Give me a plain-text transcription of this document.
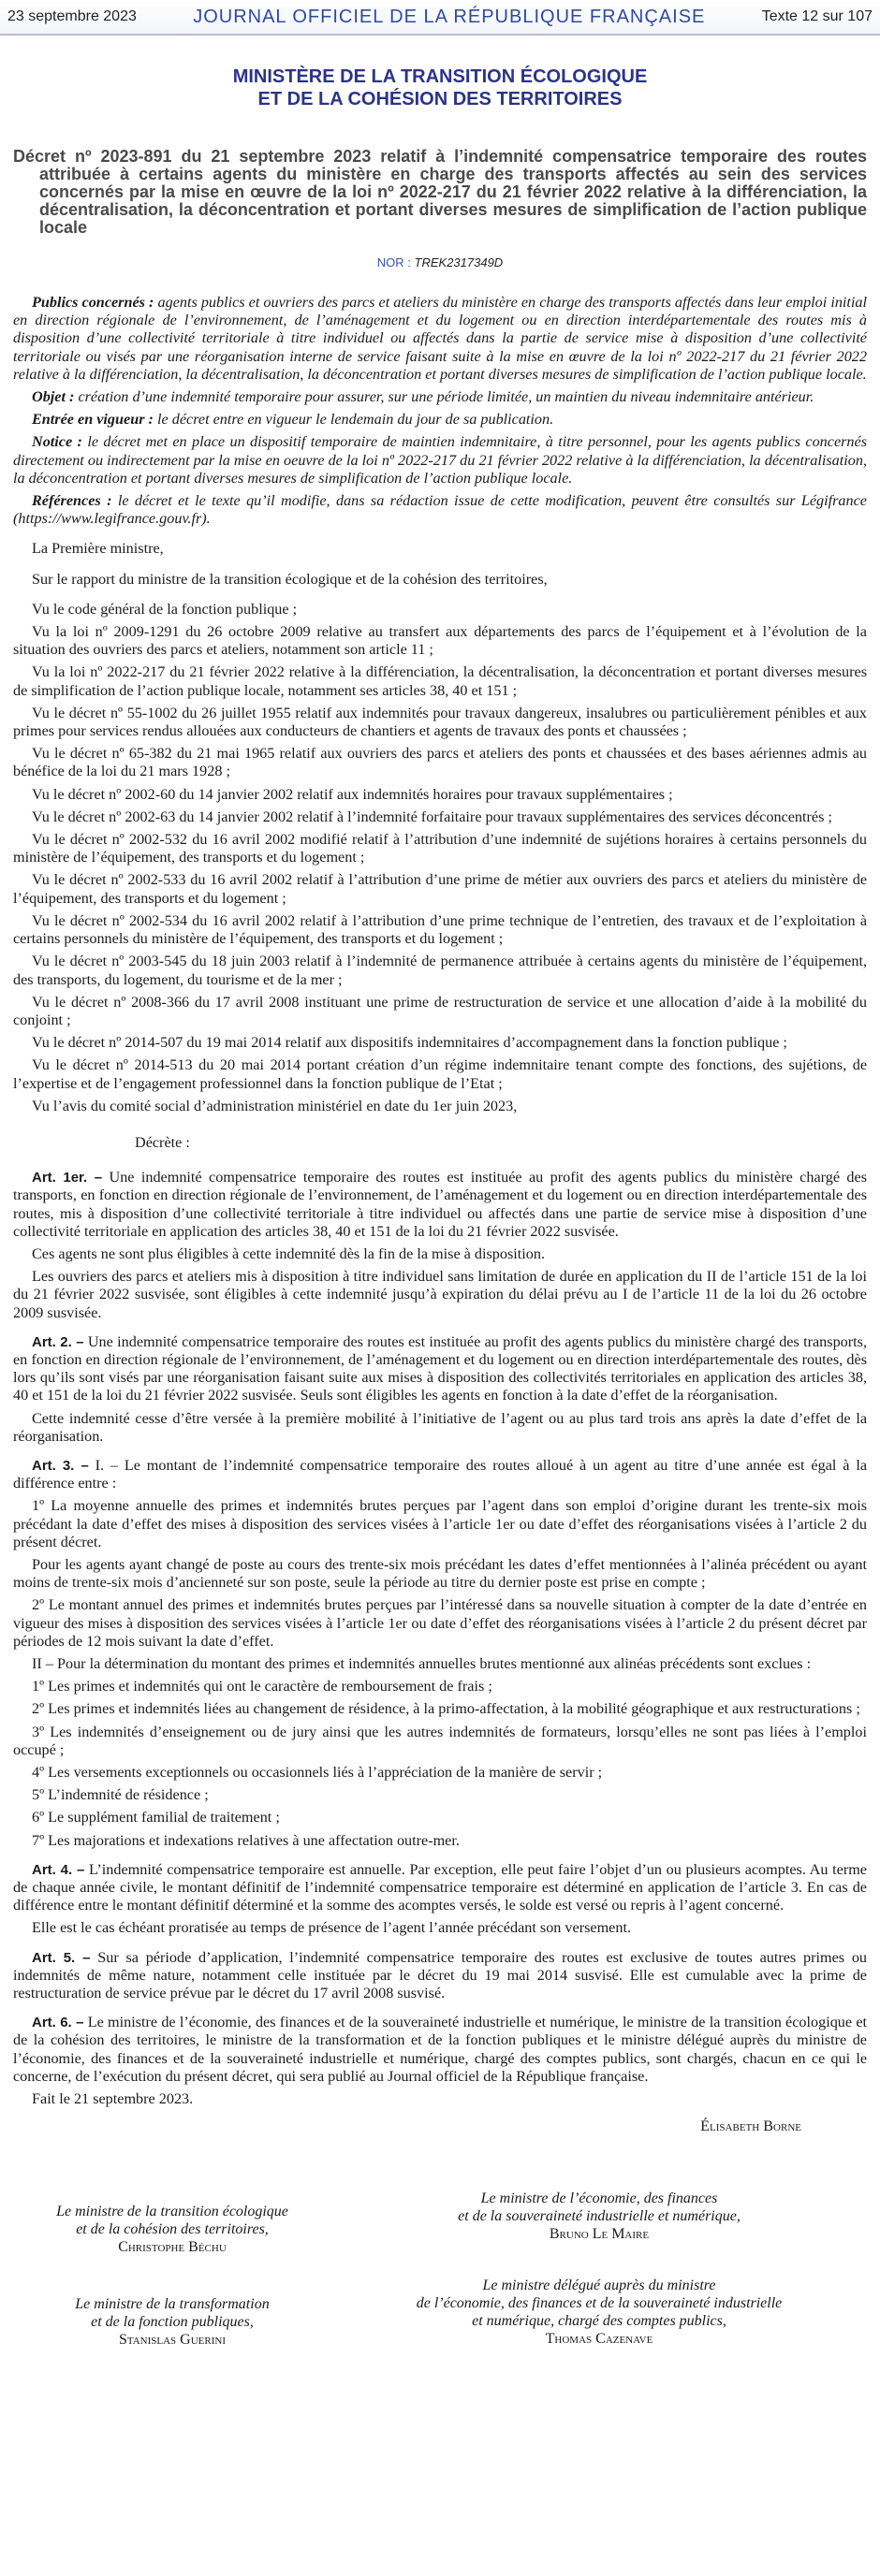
23 septembre 2023	JOURNAL OFFICIEL DE LA RÉPUBLIQUE FRANÇAISE	Texte 12 sur 107
MINISTÈRE DE LA TRANSITION ÉCOLOGIQUE
ET DE LA COHÉSION DES TERRITOIRES
Décret nº 2023-891 du 21 septembre 2023 relatif à l’indemnité compensatrice temporaire des routes attribuée à certains agents du ministère en charge des transports affectés au sein des services concernés par la mise en œuvre de la loi nº 2022-217 du 21 février 2022 relative à la différenciation, la décentralisation, la déconcentration et portant diverses mesures de simplification de l’action publique locale
NOR : TREK2317349D

Publics concernés : agents publics et ouvriers des parcs et ateliers du ministère en charge des transports affectés dans leur emploi initial en direction régionale de l’environnement, de l’aménagement et du logement ou en direction interdépartementale des routes mis à disposition d’une collectivité territoriale à titre individuel ou affectés dans la partie de service mise à disposition d’une collectivité territoriale ou visés par une réorganisation interne de service faisant suite à la mise en œuvre de la loi nº 2022-217 du 21 février 2022 relative à la différenciation, la décentralisation, la déconcentration et portant diverses mesures de simplification de l’action publique locale.

Objet : création d’une indemnité temporaire pour assurer, sur une période limitée, un maintien du niveau indemnitaire antérieur.

Entrée en vigueur : le décret entre en vigueur le lendemain du jour de sa publication.

Notice : le décret met en place un dispositif temporaire de maintien indemnitaire, à titre personnel, pour les agents publics concernés directement ou indirectement par la mise en oeuvre de la loi nº 2022-217 du 21 février 2022 relative à la différenciation, la décentralisation, la déconcentration et portant diverses mesures de simplification de l’action publique locale.

Références : le décret et le texte qu’il modifie, dans sa rédaction issue de cette modification, peuvent être consultés sur Légifrance (https://www.legifrance.gouv.fr).

La Première ministre,

Sur le rapport du ministre de la transition écologique et de la cohésion des territoires,

Vu le code général de la fonction publique ;

Vu la loi nº 2009-1291 du 26 octobre 2009 relative au transfert aux départements des parcs de l’équipement et à l’évolution de la situation des ouvriers des parcs et ateliers, notamment son article 11 ;

Vu la loi nº 2022-217 du 21 février 2022 relative à la différenciation, la décentralisation, la déconcentration et portant diverses mesures de simplification de l’action publique locale, notamment ses articles 38, 40 et 151 ;

Vu le décret nº 55-1002 du 26 juillet 1955 relatif aux indemnités pour travaux dangereux, insalubres ou particulièrement pénibles et aux primes pour services rendus allouées aux conducteurs de chantiers et agents de travaux des ponts et chaussées ;

Vu le décret nº 65-382 du 21 mai 1965 relatif aux ouvriers des parcs et ateliers des ponts et chaussées et des bases aériennes admis au bénéfice de la loi du 21 mars 1928 ;

Vu le décret nº 2002-60 du 14 janvier 2002 relatif aux indemnités horaires pour travaux supplémentaires ;

Vu le décret nº 2002-63 du 14 janvier 2002 relatif à l’indemnité forfaitaire pour travaux supplémentaires des services déconcentrés ;

Vu le décret nº 2002-532 du 16 avril 2002 modifié relatif à l’attribution d’une indemnité de sujétions horaires à certains personnels du ministère de l’équipement, des transports et du logement ;

Vu le décret nº 2002-533 du 16 avril 2002 relatif à l’attribution d’une prime de métier aux ouvriers des parcs et ateliers du ministère de l’équipement, des transports et du logement ;

Vu le décret nº 2002-534 du 16 avril 2002 relatif à l’attribution d’une prime technique de l’entretien, des travaux et de l’exploitation à certains personnels du ministère de l’équipement, des transports et du logement ;

Vu le décret nº 2003-545 du 18 juin 2003 relatif à l’indemnité de permanence attribuée à certains agents du ministère de l’équipement, des transports, du logement, du tourisme et de la mer ;

Vu le décret nº 2008-366 du 17 avril 2008 instituant une prime de restructuration de service et une allocation d’aide à la mobilité du conjoint ;

Vu le décret nº 2014-507 du 19 mai 2014 relatif aux dispositifs indemnitaires d’accompagnement dans la fonction publique ;

Vu le décret nº 2014-513 du 20 mai 2014 portant création d’un régime indemnitaire tenant compte des fonctions, des sujétions, de l’expertise et de l’engagement professionnel dans la fonction publique de l’Etat ;

Vu l’avis du comité social d’administration ministériel en date du 1er juin 2023,

Décrète :

Art. 1er. – Une indemnité compensatrice temporaire des routes est instituée au profit des agents publics du ministère chargé des transports, en fonction en direction régionale de l’environnement, de l’aménagement et du logement ou en direction interdépartementale des routes, mis à disposition d’une collectivité territoriale à titre individuel ou affectés dans une partie de service mise à disposition d’une collectivité territoriale en application des articles 38, 40 et 151 de la loi du 21 février 2022 susvisée.

Ces agents ne sont plus éligibles à cette indemnité dès la fin de la mise à disposition.

Les ouvriers des parcs et ateliers mis à disposition à titre individuel sans limitation de durée en application du II de l’article 151 de la loi du 21 février 2022 susvisée, sont éligibles à cette indemnité jusqu’à expiration du délai prévu au I de l’article 11 de la loi du 26 octobre 2009 susvisée.

Art. 2. – Une indemnité compensatrice temporaire des routes est instituée au profit des agents publics du ministère chargé des transports, en fonction en direction régionale de l’environnement, de l’aménagement et du logement ou en direction interdépartementale des routes, dès lors qu’ils sont visés par une réorganisation faisant suite aux mises à disposition des collectivités territoriales en application des articles 38, 40 et 151 de la loi du 21 février 2022 susvisée. Seuls sont éligibles les agents en fonction à la date d’effet de la réorganisation.

Cette indemnité cesse d’être versée à la première mobilité à l’initiative de l’agent ou au plus tard trois ans après la date d’effet de la réorganisation.

Art. 3. – I. – Le montant de l’indemnité compensatrice temporaire des routes alloué à un agent au titre d’une année est égal à la différence entre :

1º La moyenne annuelle des primes et indemnités brutes perçues par l’agent dans son emploi d’origine durant les trente-six mois précédant la date d’effet des mises à disposition des services visées à l’article 1er ou date d’effet des réorganisations visées à l’article 2 du présent décret.

Pour les agents ayant changé de poste au cours des trente-six mois précédant les dates d’effet mentionnées à l’alinéa précédent ou ayant moins de trente-six mois d’ancienneté sur son poste, seule la période au titre du dernier poste est prise en compte ;

2º Le montant annuel des primes et indemnités brutes perçues par l’intéressé dans sa nouvelle situation à compter de la date d’entrée en vigueur des mises à disposition des services visées à l’article 1er ou date d’effet des réorganisations visées à l’article 2 du présent décret par périodes de 12 mois suivant la date d’effet.

II – Pour la détermination du montant des primes et indemnités annuelles brutes mentionné aux alinéas précédents sont exclues :

1º Les primes et indemnités qui ont le caractère de remboursement de frais ;

2º Les primes et indemnités liées au changement de résidence, à la primo-affectation, à la mobilité géographique et aux restructurations ;

3º Les indemnités d’enseignement ou de jury ainsi que les autres indemnités de formateurs, lorsqu’elles ne sont pas liées à l’emploi occupé ;

4º Les versements exceptionnels ou occasionnels liés à l’appréciation de la manière de servir ;

5º L’indemnité de résidence ;

6º Le supplément familial de traitement ;

7º Les majorations et indexations relatives à une affectation outre-mer.

Art. 4. – L’indemnité compensatrice temporaire est annuelle. Par exception, elle peut faire l’objet d’un ou plusieurs acomptes. Au terme de chaque année civile, le montant définitif de l’indemnité compensatrice temporaire est déterminé en application de l’article 3. En cas de différence entre le montant définitif déterminé et la somme des acomptes versés, le solde est versé ou repris à l’agent concerné.

Elle est le cas échéant proratisée au temps de présence de l’agent l’année précédant son versement.

Art. 5. – Sur sa période d’application, l’indemnité compensatrice temporaire des routes est exclusive de toutes autres primes ou indemnités de même nature, notamment celle instituée par le décret du 19 mai 2014 susvisé. Elle est cumulable avec la prime de restructuration de service prévue par le décret du 17 avril 2008 susvisé.

Art. 6. – Le ministre de l’économie, des finances et de la souveraineté industrielle et numérique, le ministre de la transition écologique et de la cohésion des territoires, le ministre de la transformation et de la fonction publiques et le ministre délégué auprès du ministre de l’économie, des finances et de la souveraineté industrielle et numérique, chargé des comptes publics, sont chargés, chacun en ce qui le concerne, de l’exécution du présent décret, qui sera publié au Journal officiel de la République française.

Fait le 21 septembre 2023.

Élisabeth Borne
Le ministre de la transition écologique
et de la cohésion des territoires,
Christophe Béchu
Le ministre de l’économie, des finances
et de la souveraineté industrielle et numérique,
Bruno Le Maire
Le ministre de la transformation
et de la fonction publiques,
Stanislas Guerini
Le ministre délégué auprès du ministre
de l’économie, des finances et de la souveraineté industrielle
et numérique, chargé des comptes publics,
Thomas Cazenave
